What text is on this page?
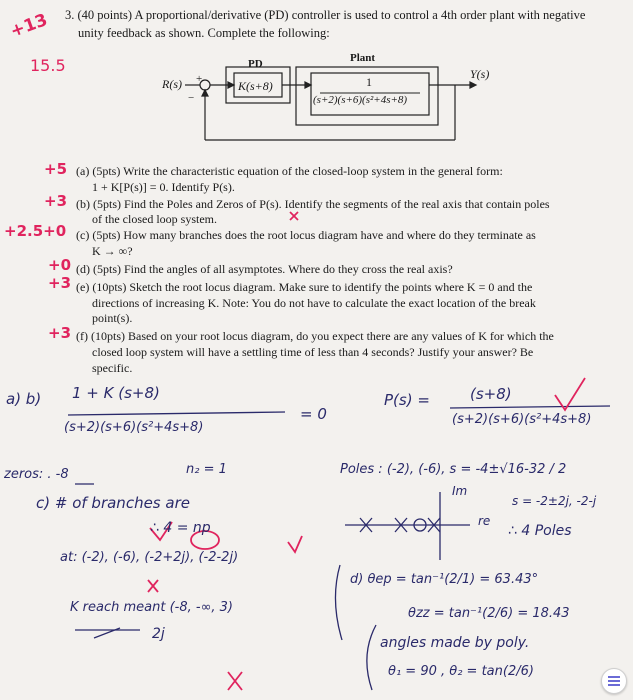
3. (40 points) A proportional/derivative (PD) controller is used to control a 4th order plant with negative
unity feedback as shown. Complete the following:
+13
15.5
R(s) +
−
PD
K(s+8)
Plant
1
(s+2)(s+6)(s²+4s+8)
Y(s)
+5 (a) (5pts) Write the characteristic equation of the closed-loop system in the general form:
1 + K[P(s)] = 0. Identify P(s).
+3 (b) (5pts) Find the Poles and Zeros of P(s). Identify the segments of the real axis that contain poles
of the closed loop system.
+2.5+0 (c) (5pts) How many branches does the root locus diagram have and where do they terminate as
K → ∞?
+0 (d) (5pts) Find the angles of all asymptotes. Where do they cross the real axis?
+3 (e) (10pts) Sketch the root locus diagram. Make sure to identify the points where K = 0 and the
directions of increasing K. Note: You do not have to calculate the exact location of the break
point(s).
+3 (f) (10pts) Based on your root locus diagram, do you expect there are any values of K for which the
closed loop system will have a settling time of less than 4 seconds? Justify your answer? Be
specific.
a) b) 1 + K (s+8)
(s+2)(s+6)(s²+4s+8)
= 0
P(s) =	(s+8)
(s+2)(s+6)(s²+4s+8)
zeros: . -8	n₂ = 1	Poles : (-2), (-6), s = -4±√16-32 / 2
Im
s = -2±2j, -2-j
c) # of branches are
∴ 4 = np	re
∴ 4 Poles
at: (-2), (-6), (-2+2j), (-2-2j)
K reach meant (-8, -∞, 3)
2j
d) θep = tan⁻¹(2/1) = 63.43°
θzz = tan⁻¹(2/6) = 18.43
angles made by poly.
θ₁ = 90 , θ₂ = tan(2/6)
